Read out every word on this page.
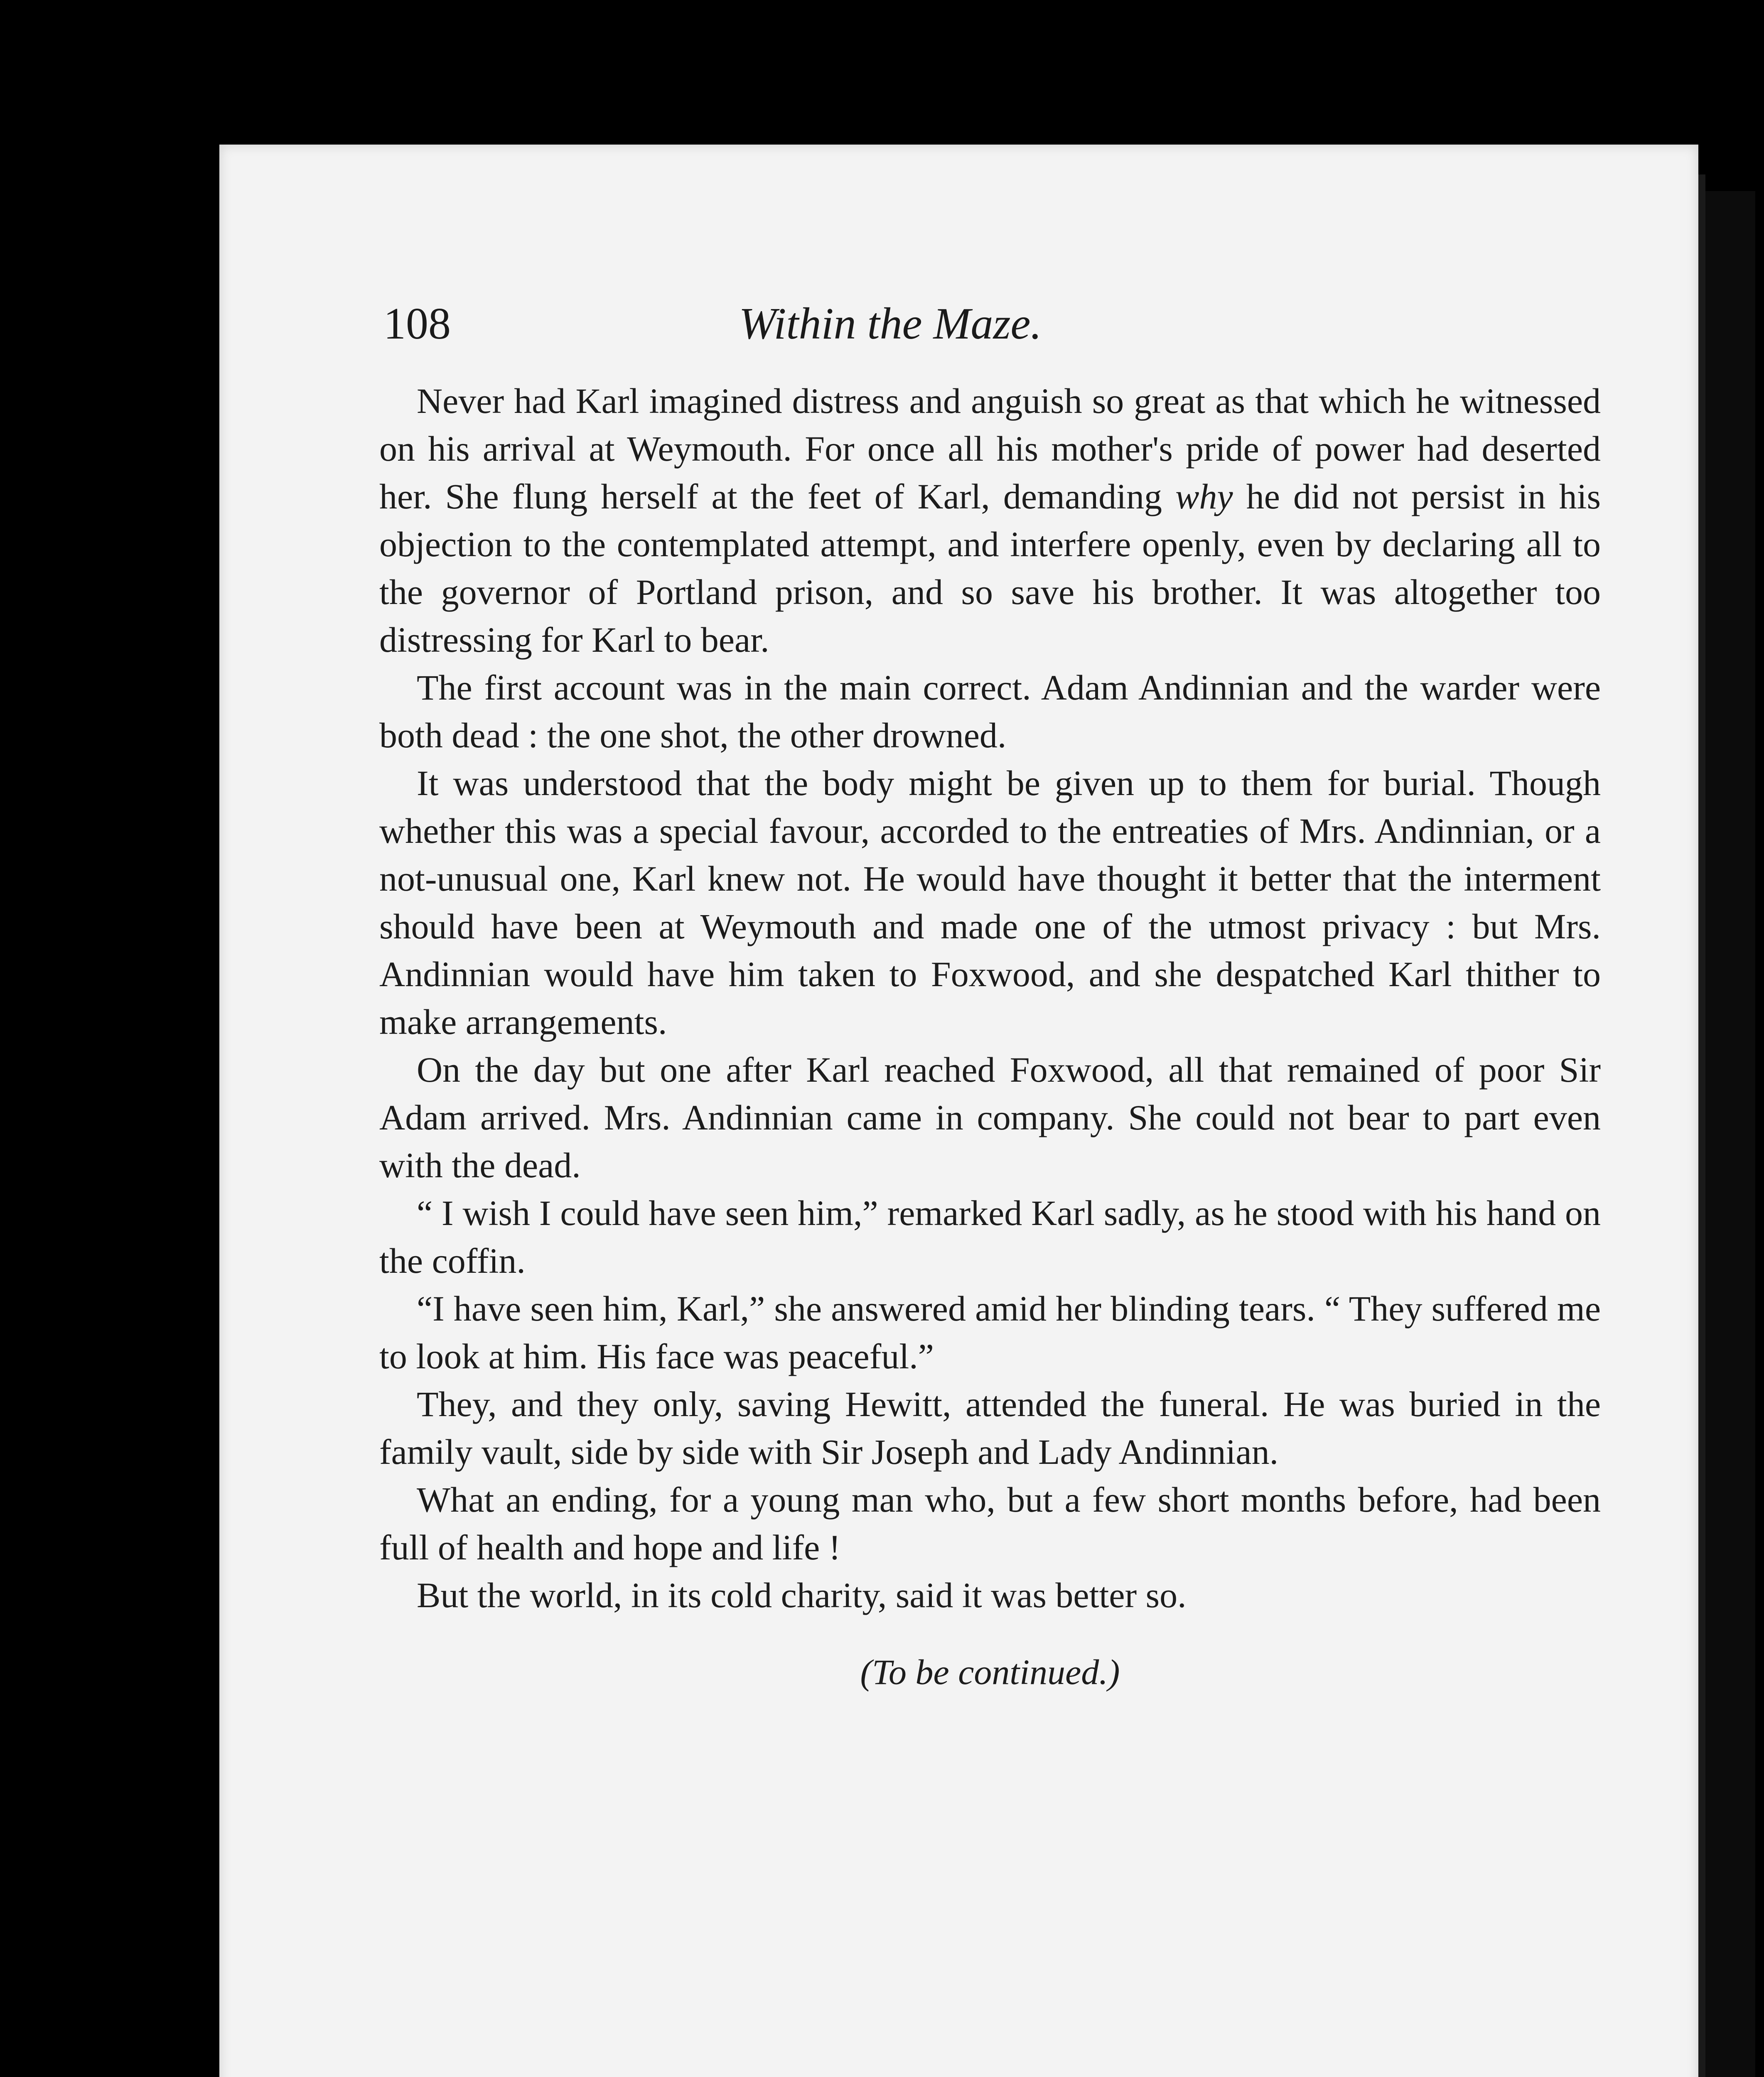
108	Within the Maze.

Never had Karl imagined distress and anguish so great as that which he witnessed on his arrival at Weymouth. For once all his mother's pride of power had deserted her. She flung herself at the feet of Karl, demanding why he did not persist in his objection to the contemplated attempt, and interfere openly, even by declaring all to the governor of Portland prison, and so save his brother. It was altogether too distressing for Karl to bear.

The first account was in the main correct. Adam Andinnian and the warder were both dead : the one shot, the other drowned.

It was understood that the body might be given up to them for burial. Though whether this was a special favour, accorded to the entreaties of Mrs. Andinnian, or a not-unusual one, Karl knew not. He would have thought it better that the interment should have been at Weymouth and made one of the utmost privacy : but Mrs. Andinnian would have him taken to Foxwood, and she despatched Karl thither to make arrangements.

On the day but one after Karl reached Foxwood, all that remained of poor Sir Adam arrived. Mrs. Andinnian came in company. She could not bear to part even with the dead.

“ I wish I could have seen him,” remarked Karl sadly, as he stood with his hand on the coffin.

“I have seen him, Karl,” she answered amid her blinding tears. “ They suffered me to look at him. His face was peaceful.”

They, and they only, saving Hewitt, attended the funeral. He was buried in the family vault, side by side with Sir Joseph and Lady Andinnian.

What an ending, for a young man who, but a few short months before, had been full of health and hope and life !

But the world, in its cold charity, said it was better so.

(To be continued.)
